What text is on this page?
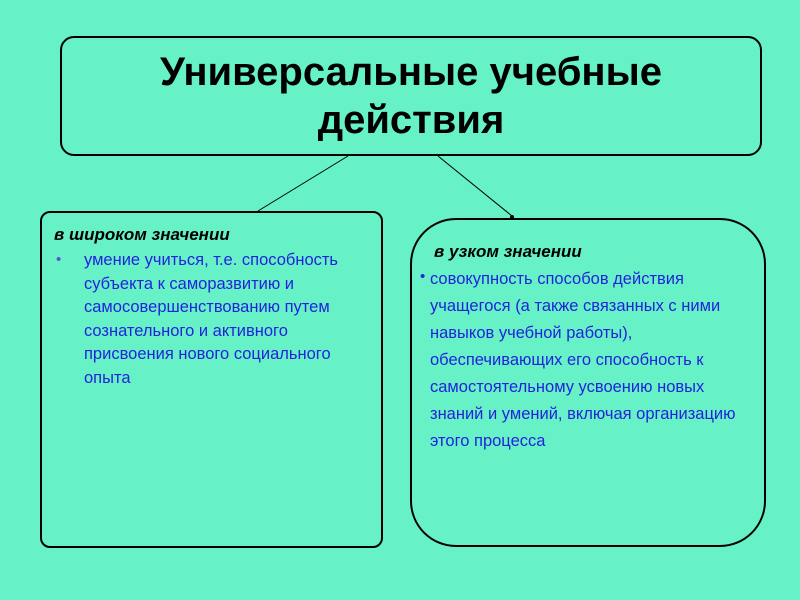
Универсальные учебные действия
в широком значении
• умение учиться, т.е. способность субъекта к саморазвитию и самосовершенствованию путем сознательного и активного присвоения нового социального опыта
в узком значении
• совокупность способов действия учащегося (а также связанных с ними навыков учебной работы), обеспечивающих его способность к самостоятельному усвоению новых знаний и умений, включая организацию этого процесса
